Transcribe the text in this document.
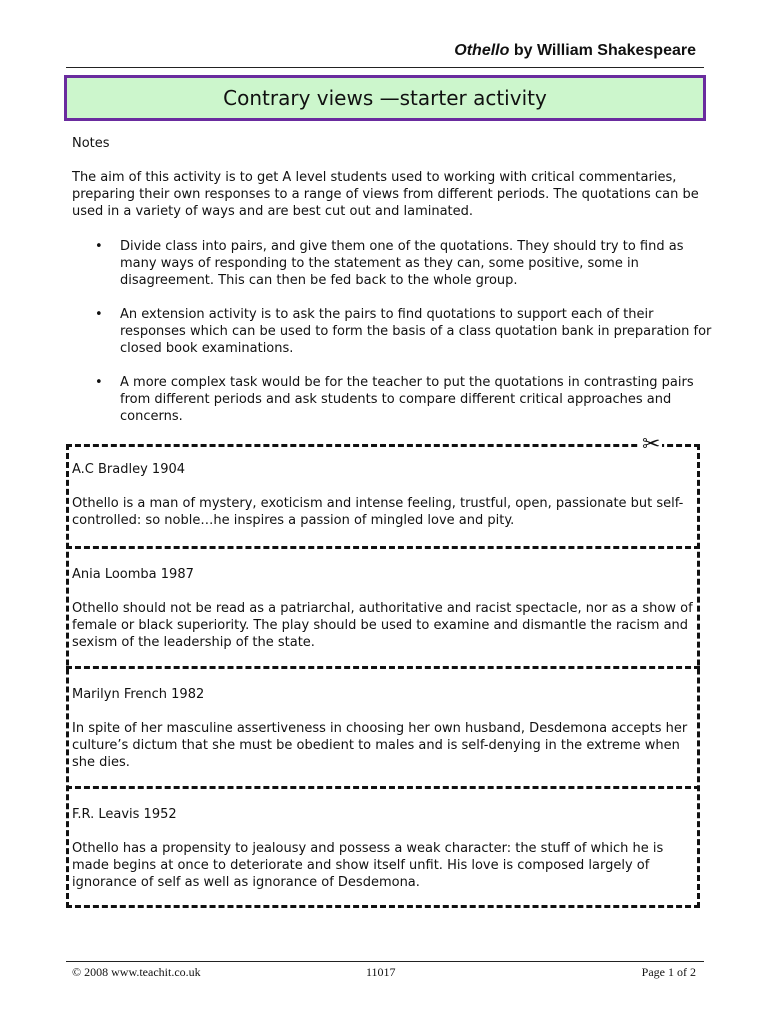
Othello by William Shakespeare
Contrary views —starter activity
Notes

The aim of this activity is to get A level students used to working with critical commentaries, preparing their own responses to a range of views from different periods. The quotations can be used in a variety of ways and are best cut out and laminated.

• Divide class into pairs, and give them one of the quotations. They should try to find as many ways of responding to the statement as they can, some positive, some in disagreement. This can then be fed back to the whole group.
• An extension activity is to ask the pairs to find quotations to support each of their responses which can be used to form the basis of a class quotation bank in preparation for closed book examinations.
• A more complex task would be for the teacher to put the quotations in contrasting pairs from different periods and ask students to compare different critical approaches and concerns.
✂

A.C Bradley 1904

Othello is a man of mystery, exoticism and intense feeling, trustful, open, passionate but self-controlled: so noble…he inspires a passion of mingled love and pity.

Ania Loomba 1987

Othello should not be read as a patriarchal, authoritative and racist spectacle, nor as a show of female or black superiority. The play should be used to examine and dismantle the racism and sexism of the leadership of the state.

Marilyn French 1982

In spite of her masculine assertiveness in choosing her own husband, Desdemona accepts her culture’s dictum that she must be obedient to males and is self-denying in the extreme when she dies.

F.R. Leavis 1952

Othello has a propensity to jealousy and possess a weak character: the stuff of which he is made begins at once to deteriorate and show itself unfit. His love is composed largely of ignorance of self as well as ignorance of Desdemona.

© 2008 www.teachit.co.uk	11017	Page 1 of 2
